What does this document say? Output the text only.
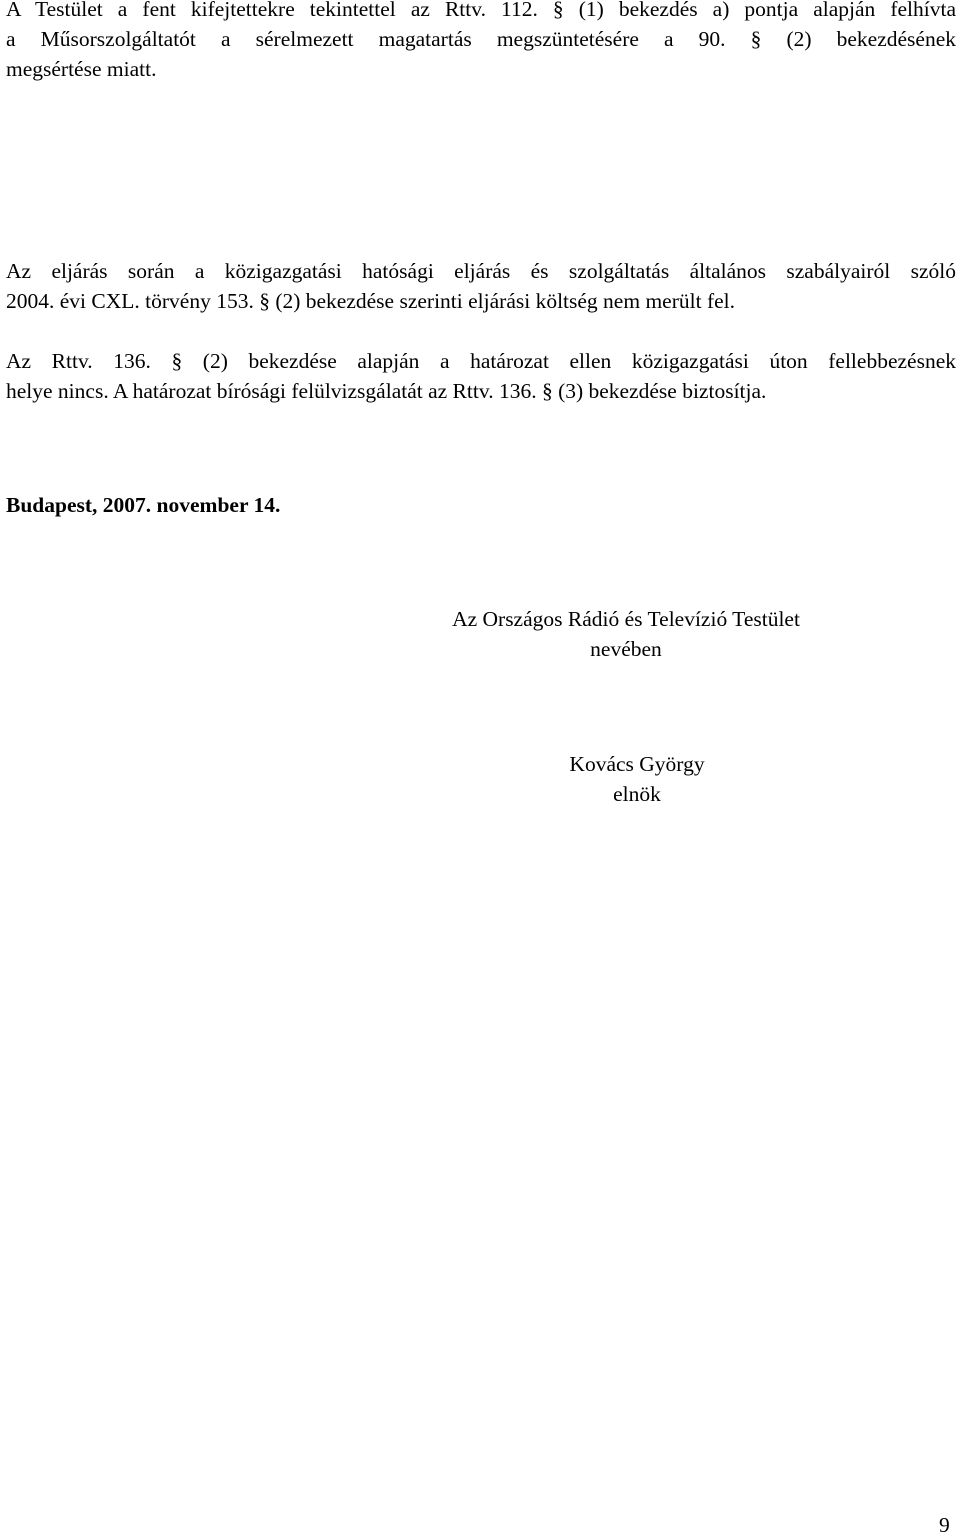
A Testület a fent kifejtettekre tekintettel az Rttv. 112. § (1) bekezdés a) pontja alapján felhívta
a Műsorszolgáltatót a sérelmezett magatartás megszüntetésére a 90. § (2) bekezdésének
megsértése miatt.
Az eljárás során a közigazgatási hatósági eljárás és szolgáltatás általános szabályairól szóló
2004. évi CXL. törvény 153. § (2) bekezdése szerinti eljárási költség nem merült fel.
Az Rttv. 136. § (2) bekezdése alapján a határozat ellen közigazgatási úton fellebbezésnek
helye nincs. A határozat bírósági felülvizsgálatát az Rttv. 136. § (3) bekezdése biztosítja.

Budapest, 2007. november 14.

Az Országos Rádió és Televízió Testület
nevében
Kovács György
elnök

9
